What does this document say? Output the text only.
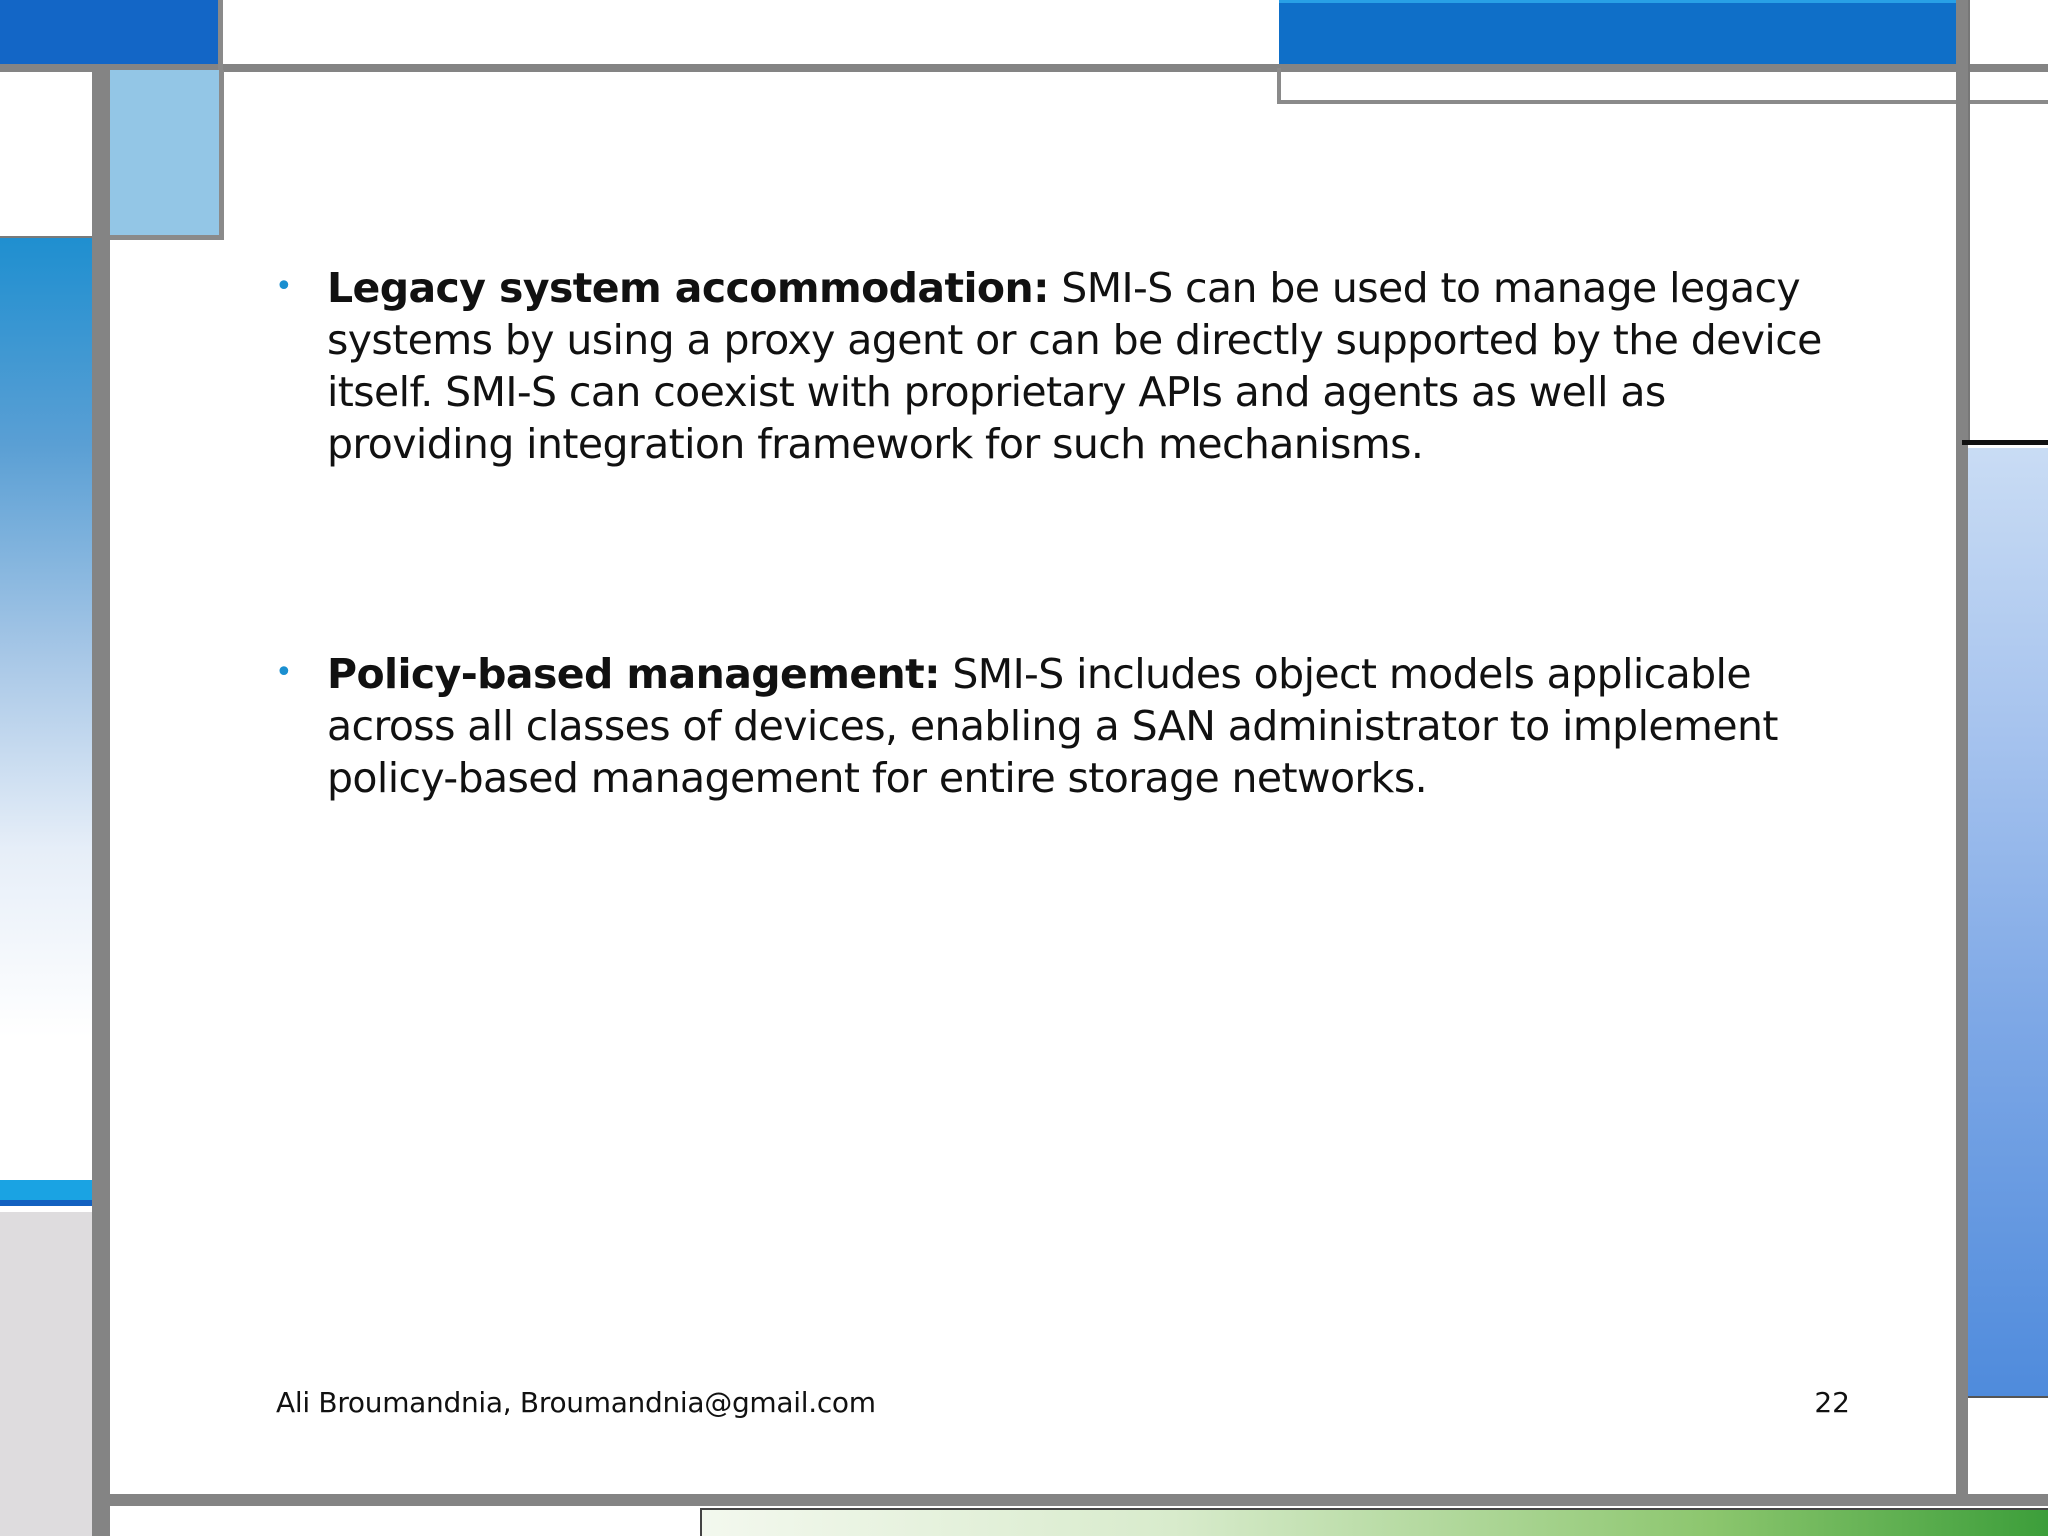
• Legacy system accommodation: SMI-S can be used to manage legacy systems by using a proxy agent or can be directly supported by the device itself. SMI-S can coexist with proprietary APIs and agents as well as providing integration framework for such mechanisms.
• Policy-based management: SMI-S includes object models applicable across all classes of devices, enabling a SAN administrator to implement policy-based management for entire storage networks.
Ali Broumandnia, Broumandnia@gmail.com	22
